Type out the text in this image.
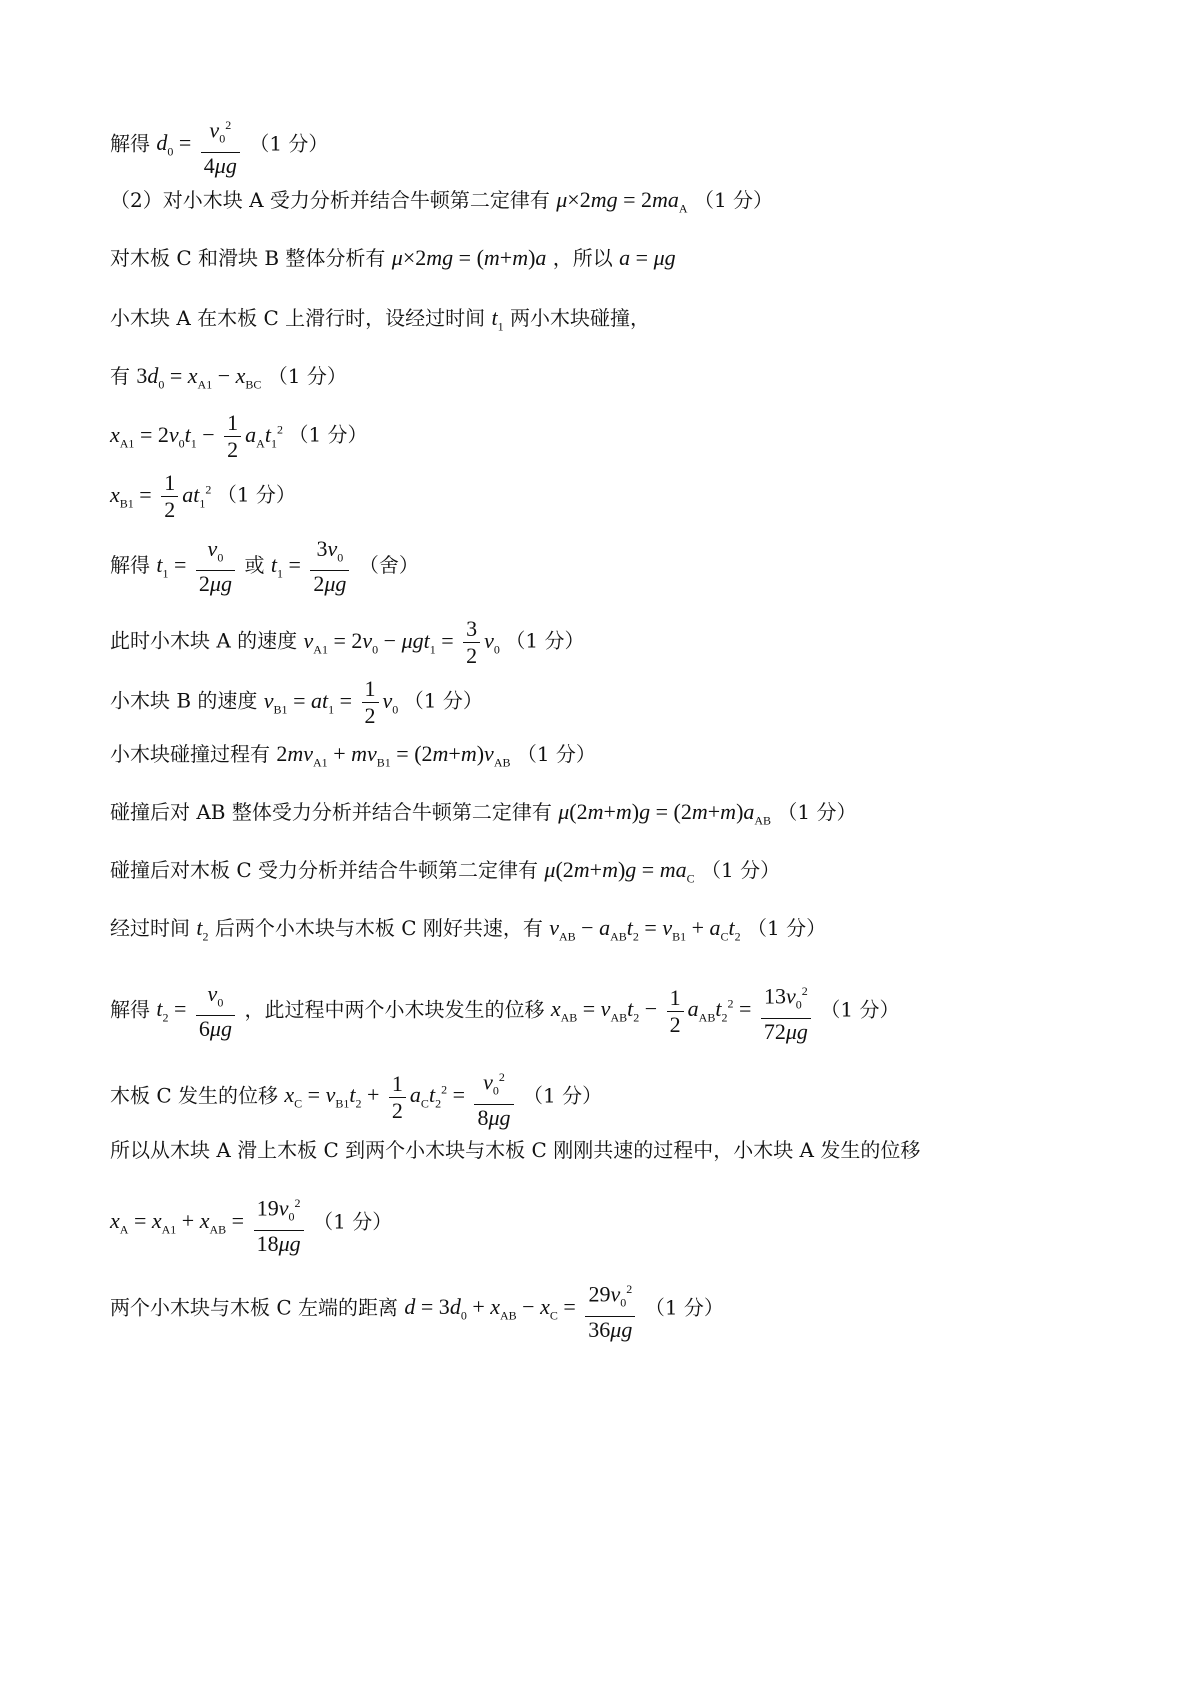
解得 $d_0 = \frac{v_0^2}{4\mu g} (1$ 分）
（2）对小木块 A 受力分析并结合牛顿第二定律有 $\mu\times 2mg = 2ma_A$ （1 分）
对木板 C 和滑块 B 整体分析有 μ×2mg = (m+m)a ，所以 a = μg
小木块 A 在木板 C 上滑行时，设经过时间 $t_1$ 两小木块碰撞，
有 $3d_0 = x_{A1} - x_{BC}$ （1 分）
$x_{A1} = 2v_0t_1 - \frac{1}{2} a_At_1^2$ （1 分）
$x_{B1} = \frac{1}{2} at_1^2$ （1 分）
解得 $t_1 = \frac{v_0}{2\mu g}$ 或 $t_1 = \frac{3v_0}{2\mu g}$ （舍）
此时小木块 A 的速度 $v_{A1} = 2v_0 - \mu gt_1 = \frac{3}{2} v_0$ （1 分）
小木块 B 的速度 $v_{B1} = at_1 = \frac{1}{2} v_0$ （1 分）
小木块碰撞过程有 $2mv_{A1} + mv_{B1} = (2m+m)v_{AB}$ （1 分）
碰撞后对 AB 整体受力分析并结合牛顿第二定律有 $\mu(2m+m)g = (2m+m)a_{AB}$ （1 分）
碰撞后对木板 C 受力分析并结合牛顿第二定律有 $\mu(2m+m)g = ma_C$ （1 分）
经过时间 $t_2$ 后两个小木块与木板 C 刚好共速，有 $v_{AB} - a_{AB}t_2 = v_{B1} + a_Ct_2$ （1 分）
解得 $t_2 = \frac{v_0}{6\mu g}$ ，此过程中两个小木块发生的位移 $x_{AB} = v_{AB}t_2 - \frac{1}{2} a_{AB}t_2^2 = \frac{13v_0^2}{72\mu g} (1$ 分）
木板 C 发生的位移 $x_C = v_{B1}t_2 + \frac{1}{2} a_Ct_2^2 = \frac{v_0^2}{8\mu g} (1$ 分）
所以从木块 A 滑上木板 C 到两个小木块与木板 C 刚刚共速的过程中，小木块 A 发生的位移
$x_A = x_{A1} + x_{AB} = \frac{19v_0^2}{18\mu g} (1$ 分）
两个小木块与木板 C 左端的距离 $d = 3d_0 + x_{AB} - x_C = \frac{29v_0^2}{36\mu g} (1$ 分）
